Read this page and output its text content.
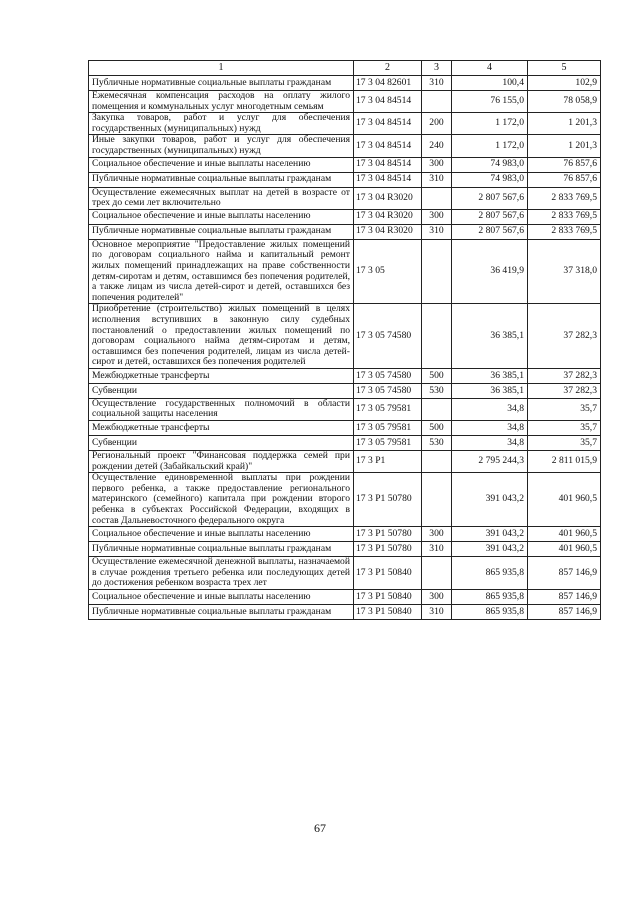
1	2	3	4	5
Публичные нормативные социальные выплаты гражданам	17 3 04 82601	310	100,4	102,9
Ежемесячная компенсация расходов на оплату жилого помещения и коммунальных услуг многодетным семьям	17 3 04 84514		76 155,0	78 058,9
Закупка товаров, работ и услуг для обеспечения государственных (муниципальных) нужд	17 3 04 84514	200	1 172,0	1 201,3
Иные закупки товаров, работ и услуг для обеспечения государственных (муниципальных) нужд	17 3 04 84514	240	1 172,0	1 201,3
Социальное обеспечение и иные выплаты населению	17 3 04 84514	300	74 983,0	76 857,6
Публичные нормативные социальные выплаты гражданам	17 3 04 84514	310	74 983,0	76 857,6
Осуществление ежемесячных выплат на детей в возрасте от трех до семи лет включительно	17 3 04 R3020		2 807 567,6	2 833 769,5
Социальное обеспечение и иные выплаты населению	17 3 04 R3020	300	2 807 567,6	2 833 769,5
Публичные нормативные социальные выплаты гражданам	17 3 04 R3020	310	2 807 567,6	2 833 769,5
Основное мероприятие "Предоставление жилых помещений по договорам социального найма и капитальный ремонт жилых помещений принадлежащих на праве собственности детям-сиротам и детям, оставшимся без попечения родителей, а также лицам из числа детей-сирот и детей, оставшихся без попечения родителей"	17 3 05		36 419,9	37 318,0
Приобретение (строительство) жилых помещений в целях исполнения вступивших в законную силу судебных постановлений о предоставлении жилых помещений по договорам социального найма детям-сиротам и детям, оставшимся без попечения родителей, лицам из числа детей-сирот и детей, оставшихся без попечения родителей	17 3 05 74580		36 385,1	37 282,3
Межбюджетные трансферты	17 3 05 74580	500	36 385,1	37 282,3
Субвенции	17 3 05 74580	530	36 385,1	37 282,3
Осуществление государственных полномочий в области социальной защиты населения	17 3 05 79581		34,8	35,7
Межбюджетные трансферты	17 3 05 79581	500	34,8	35,7
Субвенции	17 3 05 79581	530	34,8	35,7
Региональный проект "Финансовая поддержка семей при рождении детей (Забайкальский край)"	17 3 P1		2 795 244,3	2 811 015,9
Осуществление единовременной выплаты при рождении первого ребенка, а также предоставление регионального материнского (семейного) капитала при рождении второго ребенка в субъектах Российской Федерации, входящих в состав Дальневосточного федерального округа	17 3 P1 50780		391 043,2	401 960,5
Социальное обеспечение и иные выплаты населению	17 3 P1 50780	300	391 043,2	401 960,5
Публичные нормативные социальные выплаты гражданам	17 3 P1 50780	310	391 043,2	401 960,5
Осуществление ежемесячной денежной выплаты, назначаемой в случае рождения третьего ребенка или последующих детей до достижения ребенком возраста трех лет	17 3 P1 50840		865 935,8	857 146,9
Социальное обеспечение и иные выплаты населению	17 3 P1 50840	300	865 935,8	857 146,9
Публичные нормативные социальные выплаты гражданам	17 3 P1 50840	310	865 935,8	857 146,9
67
